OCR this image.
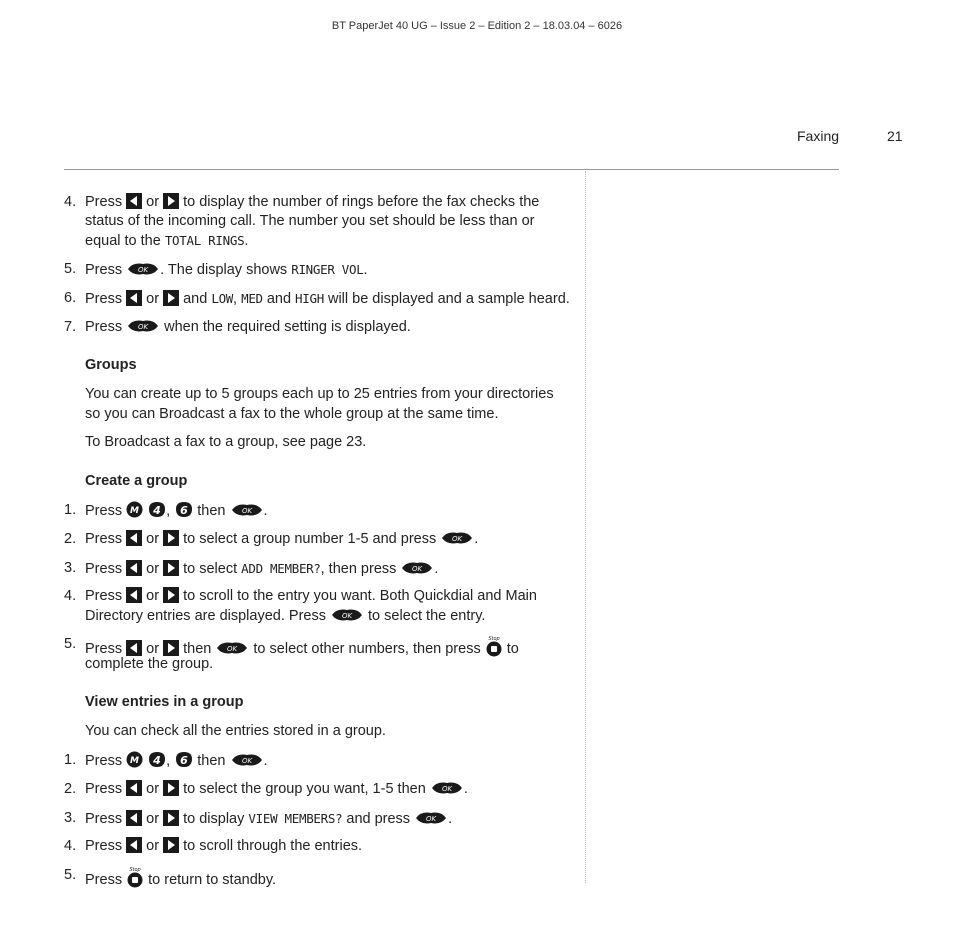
BT PaperJet 40 UG – Issue 2 – Edition 2 – 18.03.04 – 6026
Faxing	21
4. Press or to display the number of rings before the fax checks the
status of the incoming call. The number you set should be less than or
equal to the TOTAL RINGS.
5. Press OK . The display shows RINGER VOL.
6. Press or and LOW, MED and HIGH will be displayed and a sample heard.
7. Press OK when the required setting is displayed.
Groups
You can create up to 5 groups each up to 25 entries from your directories
so you can Broadcast a fax to the whole group at the same time.
To Broadcast a fax to a group, see page 23.
Create a group
1. Press M
4 , 6 then OK .
2. Press or to select a group number 1-5 and press OK .
3. Press or to select ADD MEMBER?, then press OK .
4. Press or to scroll to the entry you want. Both Quickdial and Main
Directory entries are displayed. Press OK to select the entry.
5. Press or then OK to select other numbers, then press
Stop
to
complete the group.
View entries in a group
You can check all the entries stored in a group.
1. Press M
4 , 6 then OK .
2. Press or to select the group you want, 1-5 then OK .
3. Press or to display VIEW MEMBERS? and press OK .
4. Press or to scroll through the entries.
5. Press
Stop
to return to standby.
